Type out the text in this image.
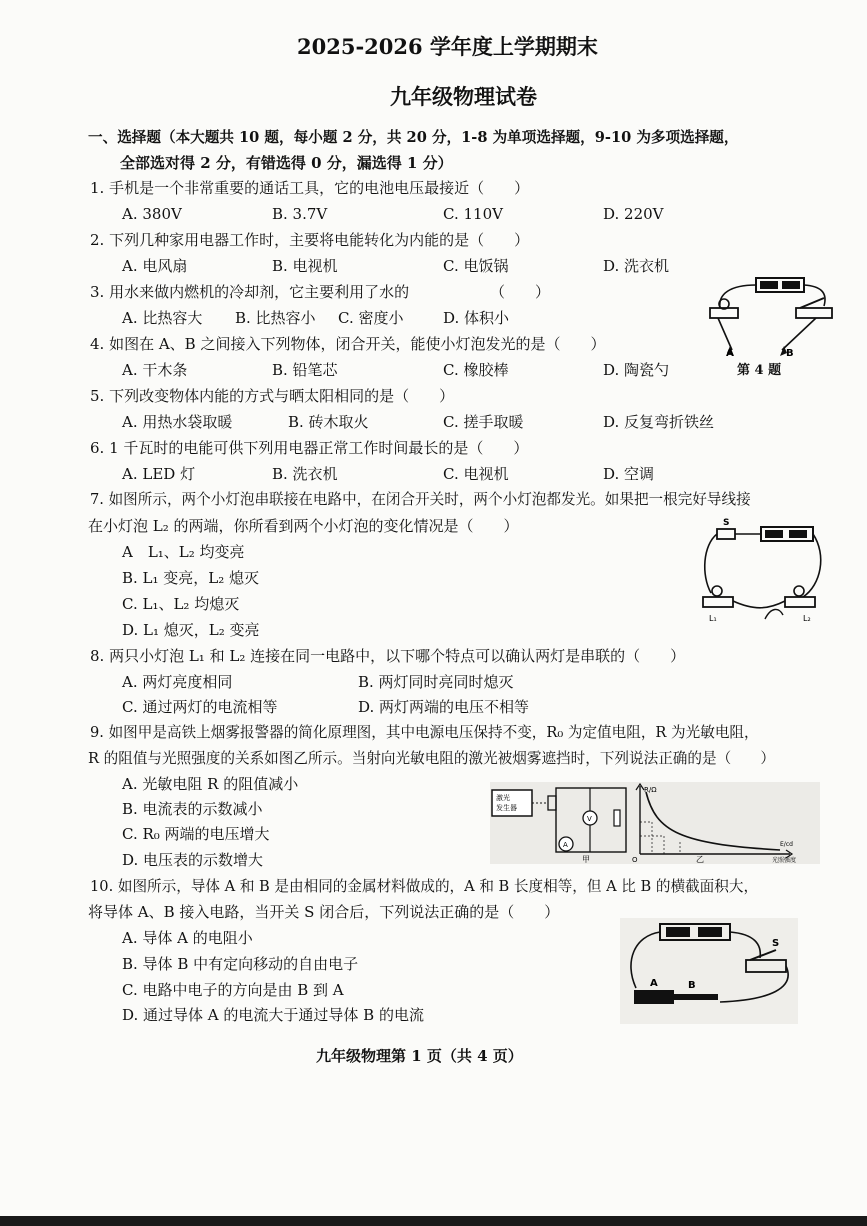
2025-2026 学年度上学期期末
九年级物理试卷
一、选择题（本大题共 10 题，每小题 2 分，共 20 分，1-8 为单项选择题，9-10 为多项选择题，
全部选对得 2 分，有错选得 0 分，漏选得 1 分）
1. 手机是一个非常重要的通话工具，它的电池电压最接近（　　）
A. 380V	B. 3.7V	C. 110V	D. 220V
2. 下列几种家用电器工作时，主要将电能转化为内能的是（　　）
A. 电风扇	B. 电视机	C. 电饭锅	D. 洗衣机
3. 用水来做内燃机的冷却剂，它主要利用了水的	（　　）
A. 比热容大 B. 比热容小 C. 密度小	D. 体积小
4. 如图在 A、B 之间接入下列物体，闭合开关，能使小灯泡发光的是（　　）
A. 干木条	B. 铅笔芯	C. 橡胶棒	D. 陶瓷勺
A	B
第 4 题
5. 下列改变物体内能的方式与晒太阳相同的是（　　）
A. 用热水袋取暖	B. 砖木取火	C. 搓手取暖	D. 反复弯折铁丝
6. 1 千瓦时的电能可供下列用电器正常工作时间最长的是（　　）
A. LED 灯	B. 洗衣机	C. 电视机	D. 空调
7. 如图所示，两个小灯泡串联接在电路中，在闭合开关时，两个小灯泡都发光。如果把一根完好导线接
在小灯泡 L₂ 的两端，你所看到两个小灯泡的变化情况是（　　）
A　L₁、L₂ 均变亮
B. L₁ 变亮，L₂ 熄灭
C. L₁、L₂ 均熄灭
D. L₁ 熄灭，L₂ 变亮
S
L₁	L₂
8. 两只小灯泡 L₁ 和 L₂ 连接在同一电路中，以下哪个特点可以确认两灯是串联的（　　）
A. 两灯亮度相同	B. 两灯同时亮同时熄灭
C. 通过两灯的电流相等	D. 两灯两端的电压不相等
9. 如图甲是高铁上烟雾报警器的简化原理图，其中电源电压保持不变，R₀ 为定值电阻，R 为光敏电阻，
R 的阻值与光照强度的关系如图乙所示。当射向光敏电阻的激光被烟雾遮挡时，下列说法正确的是（　　）
A. 光敏电阻 R 的阻值减小
B. 电流表的示数减小
C. R₀ 两端的电压增大
D. 电压表的示数增大
激光
发生器
V
A
甲
R/Ω
O
E/cd
光照强度
乙
10. 如图所示，导体 A 和 B 是由相同的金属材料做成的，A 和 B 长度相等，但 A 比 B 的横截面积大，
将导体 A、B 接入电路，当开关 S 闭合后，下列说法正确的是（　　）
A. 导体 A 的电阻小
B. 导体 B 中有定向移动的自由电子
C. 电路中电子的方向是由 B 到 A
D. 通过导体 A 的电流大于通过导体 B 的电流
S
A	B
九年级物理第 1 页（共 4 页）
